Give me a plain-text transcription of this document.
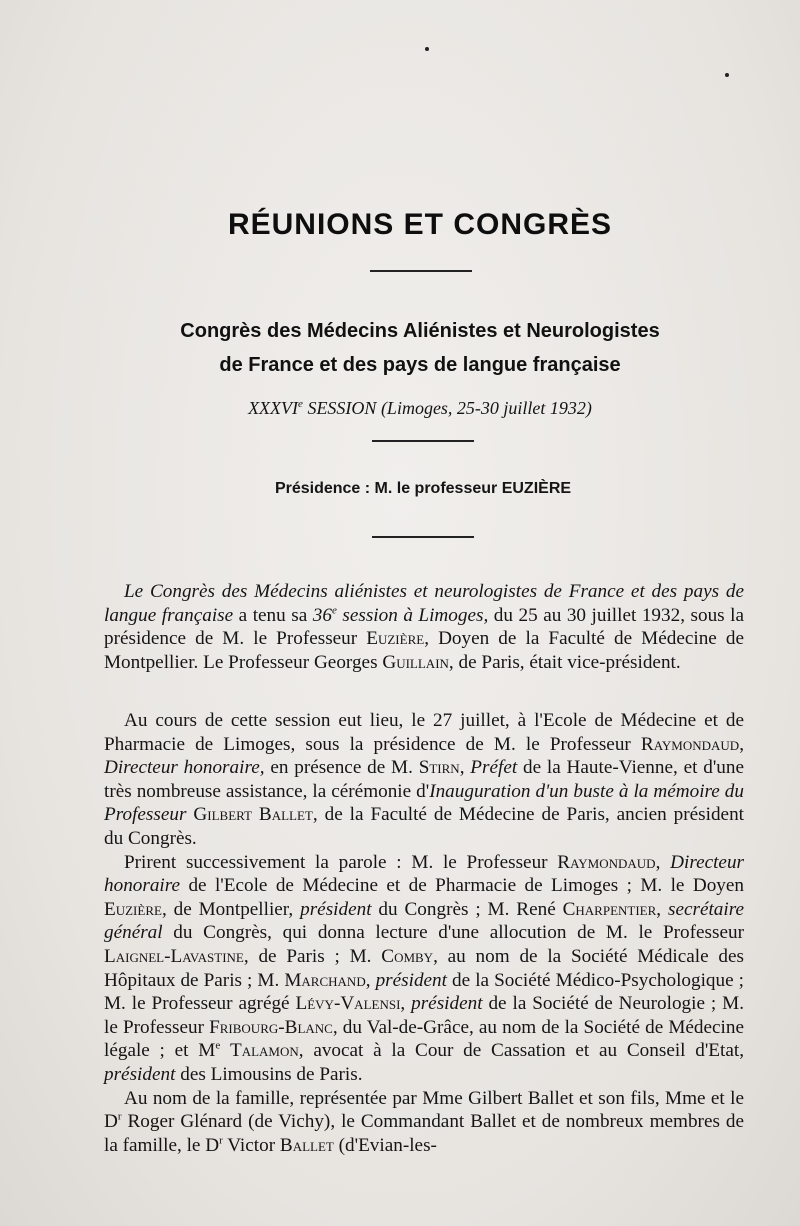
RÉUNIONS ET CONGRÈS
Congrès des Médecins Aliénistes et Neurologistes
de France et des pays de langue française
XXXVIe SESSION (Limoges, 25-30 juillet 1932)
Présidence : M. le professeur EUZIÈRE

Le Congrès des Médecins aliénistes et neurologistes de France et des pays de langue française a tenu sa 36e session à Limoges, du 25 au 30 juillet 1932, sous la présidence de M. le Professeur Euzière, Doyen de la Faculté de Médecine de Montpellier. Le Professeur Georges Guillain, de Paris, était vice-président.

Au cours de cette session eut lieu, le 27 juillet, à l'Ecole de Médecine et de Pharmacie de Limoges, sous la présidence de M. le Professeur Raymondaud, Directeur honoraire, en présence de M. Stirn, Préfet de la Haute-Vienne, et d'une très nombreuse assistance, la cérémonie d'Inauguration d'un buste à la mémoire du Professeur Gilbert Ballet, de la Faculté de Médecine de Paris, ancien président du Congrès.

Prirent successivement la parole : M. le Professeur Raymondaud, Directeur honoraire de l'Ecole de Médecine et de Pharmacie de Limoges ; M. le Doyen Euzière, de Montpellier, président du Congrès ; M. René Charpentier, secrétaire général du Congrès, qui donna lecture d'une allocution de M. le Professeur Laignel-Lavastine, de Paris ; M. Comby, au nom de la Société Médicale des Hôpitaux de Paris ; M. Marchand, président de la Société Médico-Psychologique ; M. le Professeur agrégé Lévy-Valensi, président de la Société de Neurologie ; M. le Professeur Fribourg-Blanc, du Val-de-Grâce, au nom de la Société de Médecine légale ; et Me Talamon, avocat à la Cour de Cassation et au Conseil d'Etat, président des Limousins de Paris.

Au nom de la famille, représentée par Mme Gilbert Ballet et son fils, Mme et le $D^r$ Roger Glénard (de Vichy), le Commandant Ballet et de nombreux membres de la famille, le $D^r$ Victor Ballet (d'Evian-les-
